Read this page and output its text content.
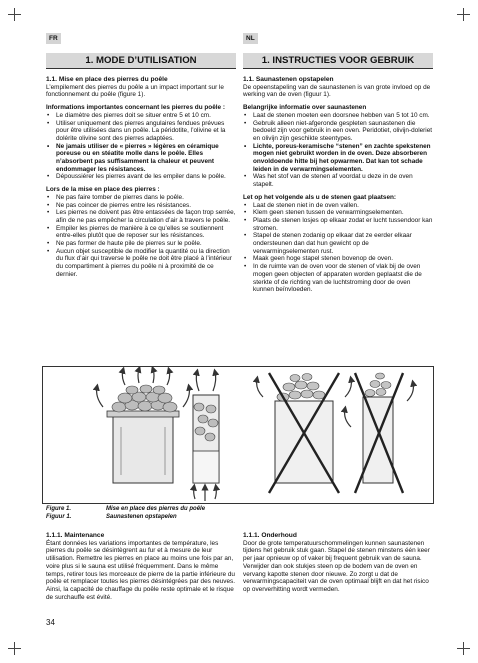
FR	NL
1. MODE D’UTILISATION	1. INSTRUCTIES VOOR GEBRUIK
1.1. Mise en place des pierres du poêle

L’empilement des pierres du poêle a un impact important sur le fonctionnement du poêle (figure 1).

Informations importantes concernant les pierres du poêle :
• Le diamètre des pierres doit se situer entre 5 et 10 cm.
• Utiliser uniquement des pierres angulaires fendues prévues pour être utilisées dans un poêle. La péridotite, l’olivine et la dolérite olivine sont des pierres adaptées.
• Ne jamais utiliser de « pierres » légères en céramique poreuse ou en stéatite molle dans le poêle. Elles n’absorbent pas suffisamment la chaleur et peuvent endommager les résistances.
• Dépoussiérer les pierres avant de les empiler dans le poêle.
Lors de la mise en place des pierres :
• Ne pas faire tomber de pierres dans le poêle.
• Ne pas coincer de pierres entre les résistances.
• Les pierres ne doivent pas être entassées de façon trop serrée, afin de ne pas empêcher la circulation d’air à travers le poêle.
• Empiler les pierres de manière à ce qu’elles se soutiennent entre-elles plutôt que de reposer sur les résistances.
• Ne pas former de haute pile de pierres sur le poêle.
• Aucun objet susceptible de modifier la quantité ou la direction du flux d’air qui traverse le poêle ne doit être placé à l’intérieur du compartiment à pierres du poêle ni à proximité de ce dernier.
1.1. Saunastenen opstapelen

De opeenstapeling van de saunastenen is van grote invloed op de werking van de oven (figuur 1).

Belangrijke informatie over saunastenen
• Laat de stenen moeten een doorsnee hebben van 5 tot 10 cm.
• Gebruik alleen niet-afgeronde gespleten saunastenen die bedoeld zijn voor gebruik in een oven. Peridotiet, olivijn-doleriet en olivijn zijn geschikte steentypes.
• Lichte, poreus-keramische “stenen” en zachte spekstenen mogen niet gebruikt worden in de oven. Deze absorberen onvoldoende hitte bij het opwarmen. Dat kan tot schade leiden in de verwarmingselementen.
• Was het stof van de stenen af voordat u deze in de oven stapelt.
Let op het volgende als u de stenen gaat plaatsen:
• Laat de stenen niet in de oven vallen.
• Klem geen stenen tussen de verwarmingselementen.
• Plaats de stenen losjes op elkaar zodat er lucht tussendoor kan stromen.
• Stapel de stenen zodanig op elkaar dat ze eerder elkaar ondersteunen dan dat hun gewicht op de verwarmingselementen rust.
• Maak geen hoge stapel stenen bovenop de oven.
• In de ruimte van de oven voor de stenen of vlak bij de oven mogen geen objecten of apparaten worden geplaatst die de sterkte of de richting van de luchtstroming door de oven kunnen beïnvloeden.
Figure 1.	Mise en place des pierres du poêle
Figuur 1.	Saunastenen opstapelen
1.1.1. Maintenance

Étant données les variations importantes de température, les pierres du poêle se désintègrent au fur et à mesure de leur utilisation. Remettre les pierres en place au moins une fois par an, voire plus si le sauna est utilisé fréquemment. Dans le même temps, retirer tous les morceaux de pierre de la partie inférieure du poêle et remplacer toutes les pierres désintégrées par des neuves. Ainsi, la capacité de chauffage du poêle reste optimale et le risque de surchauffe est évité.

1.1.1. Onderhoud

Door de grote temperatuurschommelingen kunnen saunastenen tijdens het gebruik stuk gaan. Stapel de stenen minstens één keer per jaar opnieuw op of vaker bij frequent gebruik van de sauna. Verwijder dan ook stukjes steen op de bodem van de oven en vervang kapotte stenen door nieuwe. Zo zorgt u dat de verwarmingscapaciteit van de oven optimaal blijft en dat het risico op oververhitting wordt vermeden.

34
